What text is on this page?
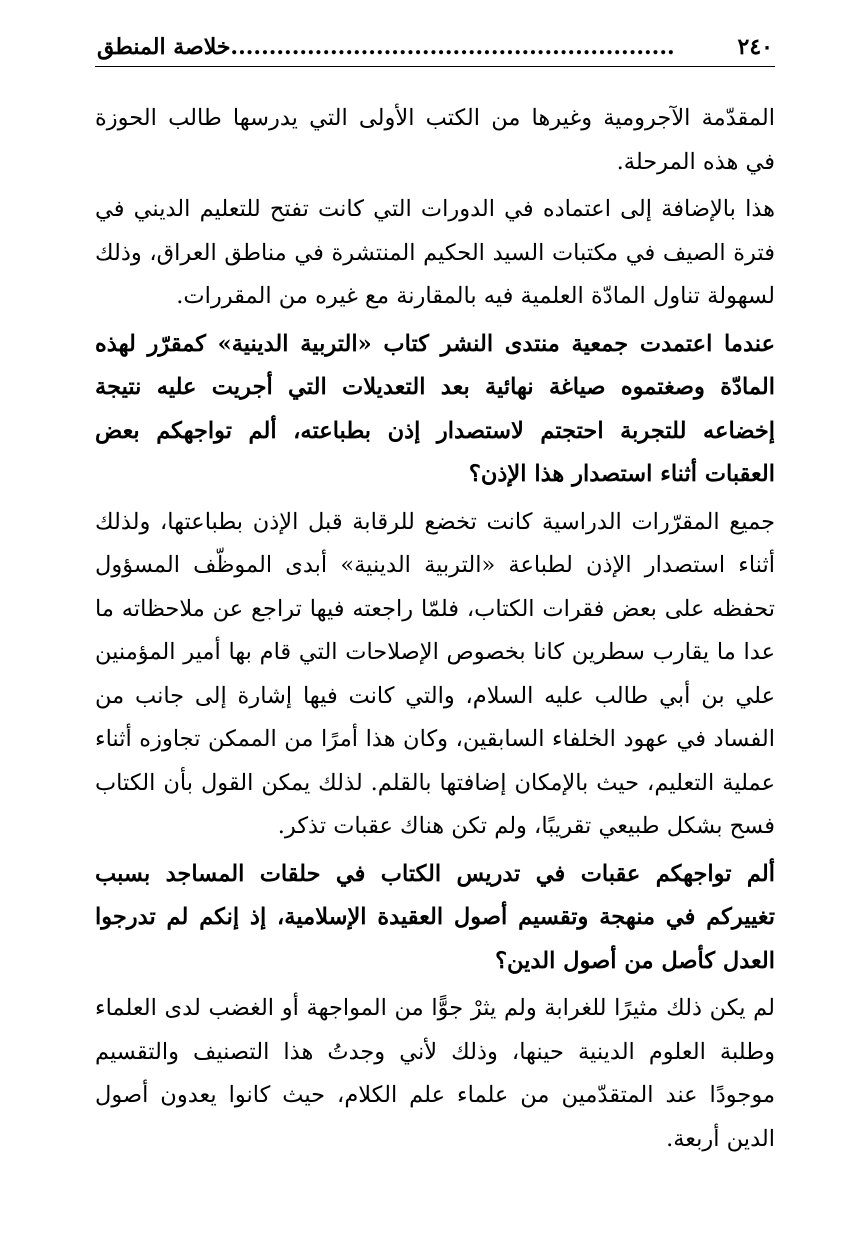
٢٤٠
..........................................................خلاصة المنطق

المقدّمة الآجرومية وغيرها من الكتب الأولى التي يدرسها طالب الحوزة في هذه المرحلة.

هذا بالإضافة إلى اعتماده في الدورات التي كانت تفتح للتعليم الديني في فترة الصيف في مكتبات السيد الحكيم المنتشرة في مناطق العراق، وذلك لسهولة تناول المادّة العلمية فيه بالمقارنة مع غيره من المقررات.

عندما اعتمدت جمعية منتدى النشر كتاب «التربية الدينية» كمقرّر لهذه المادّة وصغتموه صياغة نهائية بعد التعديلات التي أجريت عليه نتيجة إخضاعه للتجربة احتجتم لاستصدار إذن بطباعته، ألم تواجهكم بعض العقبات أثناء استصدار هذا الإذن؟

جميع المقرّرات الدراسية كانت تخضع للرقابة قبل الإذن بطباعتها، ولذلك أثناء استصدار الإذن لطباعة «التربية الدينية» أبدى الموظّف المسؤول تحفظه على بعض فقرات الكتاب، فلمّا راجعته فيها تراجع عن ملاحظاته ما عدا ما يقارب سطرين كانا بخصوص الإصلاحات التي قام بها أمير المؤمنين علي بن أبي طالب عليه السلام، والتي كانت فيها إشارة إلى جانب من الفساد في عهود الخلفاء السابقين، وكان هذا أمرًا من الممكن تجاوزه أثناء عملية التعليم، حيث بالإمكان إضافتها بالقلم. لذلك يمكن القول بأن الكتاب فسح بشكل طبيعي تقريبًا، ولم تكن هناك عقبات تذكر.

ألم تواجهكم عقبات في تدريس الكتاب في حلقات المساجد بسبب تغييركم في منهجة وتقسيم أصول العقيدة الإسلامية، إذ إنكم لم تدرجوا العدل كأصل من أصول الدين؟

لم يكن ذلك مثيرًا للغرابة ولم يثرْ جوًّا من المواجهة أو الغضب لدى العلماء وطلبة العلوم الدينية حينها، وذلك لأني وجدتُ هذا التصنيف والتقسيم موجودًا عند المتقدّمين من علماء علم الكلام، حيث كانوا يعدون أصول الدين أربعة.
